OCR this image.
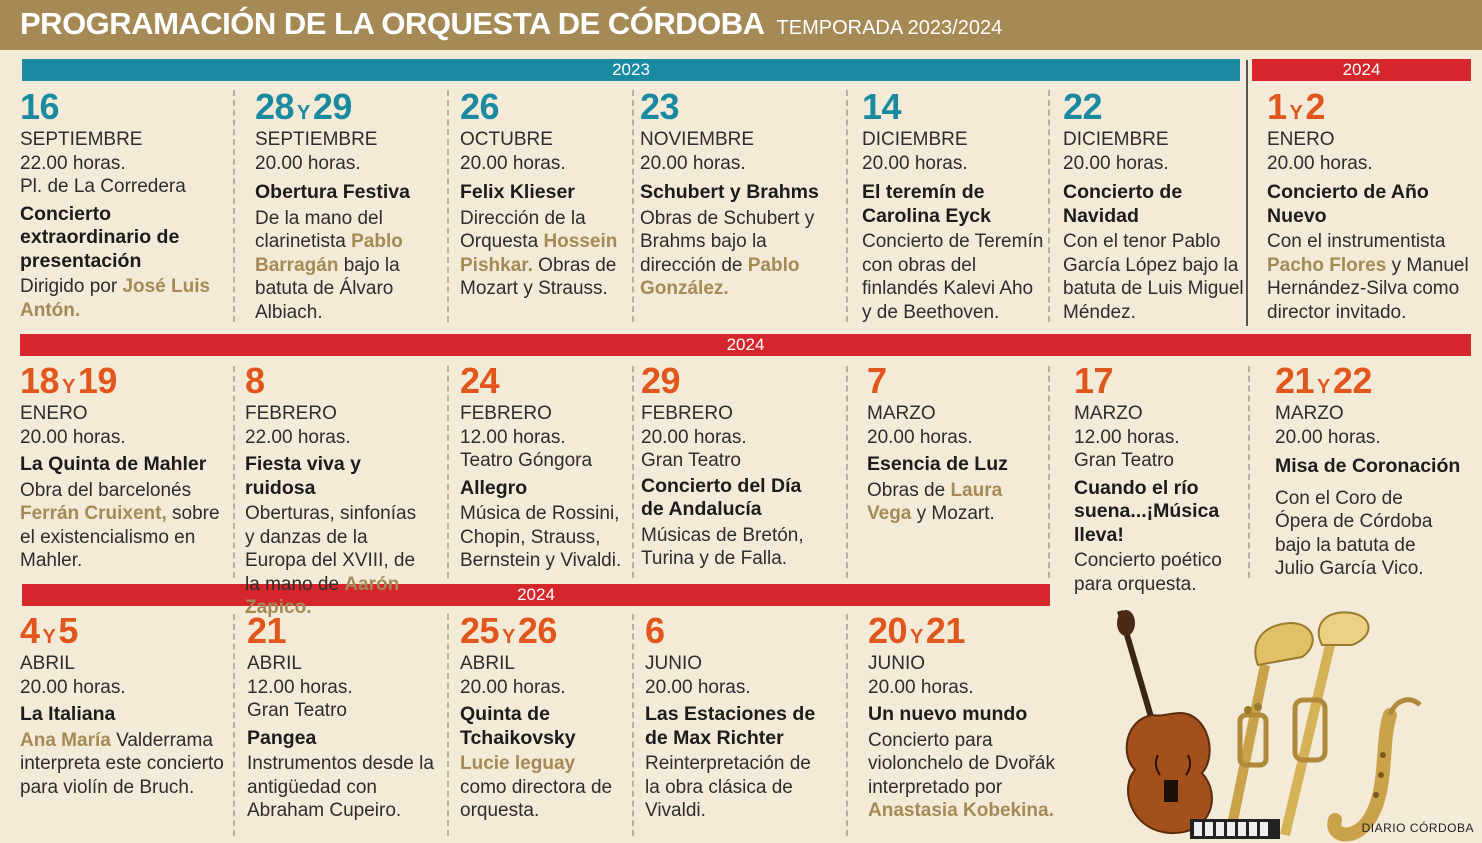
PROGRAMACIÓN DE LA ORQUESTA DE CÓRDOBA TEMPORADA 2023/2024
2023	2024
2024
2024
16
SEPTIEMBRE
22.00 horas.
Pl. de La Corredera
Concierto extraordinario de presentación
Dirigido por José Luis Antón.
28 Y29
SEPTIEMBRE
20.00 horas.
Obertura Festiva
De la mano del clarinetista Pablo Barragán bajo la batuta de Álvaro Albiach.
26
OCTUBRE
20.00 horas.
Felix Klieser
Dirección de la Orquesta Hossein Pishkar. Obras de Mozart y Strauss.
23
NOVIEMBRE
20.00 horas.
Schubert y Brahms
Obras de Schubert y Brahms bajo la dirección de Pablo González.
14
DICIEMBRE
20.00 horas.
El teremín de Carolina Eyck
Concierto de Teremín con obras del finlandés Kalevi Aho y de Beethoven.
22
DICIEMBRE
20.00 horas.
Concierto de Navidad
Con el tenor Pablo García López bajo la batuta de Luis Miguel Méndez.
1 Y2
ENERO
20.00 horas.
Concierto de Año Nuevo
Con el instrumentista Pacho Flores y Manuel Hernández-Silva como director invitado.
18 Y19
ENERO
20.00 horas.
La Quinta de Mahler
Obra del barcelonés Ferrán Cruixent, sobre el existencialismo en Mahler.
8
FEBRERO
22.00 horas.
Fiesta viva y ruidosa
Oberturas, sinfonías y danzas de la Europa del XVIII, de la mano de Aarón Zapico.
24
FEBRERO
12.00 horas.
Teatro Góngora
Allegro
Música de Rossini, Chopin, Strauss, Bernstein y Vivaldi.
29
FEBRERO
20.00 horas.
Gran Teatro
Concierto del Día de Andalucía
Músicas de Bretón, Turina y de Falla.
7
MARZO
20.00 horas.
Esencia de Luz
Obras de Laura Vega y Mozart.
17
MARZO
12.00 horas.
Gran Teatro
Cuando el río suena...¡Música lleva!
Concierto poético para orquesta.
21 Y22
MARZO
20.00 horas.
Misa de Coronación
Con el Coro de Ópera de Córdoba bajo la batuta de Julio García Vico.
4 Y5
ABRIL
20.00 horas.
La Italiana
Ana María Valderrama interpreta este concierto para violín de Bruch.
21
ABRIL
12.00 horas.
Gran Teatro
Pangea
Instrumentos desde la antigüedad con Abraham Cupeiro.
25 Y26
ABRIL
20.00 horas.
Quinta de Tchaikovsky
Lucie leguay como directora de orquesta.
6
JUNIO
20.00 horas.
Las Estaciones de de Max Richter
Reinterpretación de la obra clásica de Vivaldi.
20 Y21
JUNIO
20.00 horas.
Un nuevo mundo
Concierto para violonchelo de Dvořák interpretado por Anastasia Kobekina.
DIARIO CÓRDOBA
